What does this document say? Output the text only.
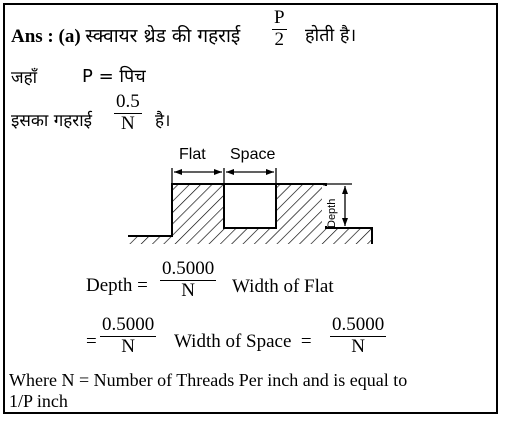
Ans : (a) स्क्वायर थ्रेड की गहराई
P
2 होती है।
जहाँ P = पिच
इसका गहराई
0.5
N है।
Depth
Flat Space
Depth =
0.5000
N Width of Flat
=
0.5000
N Width of Space  =
0.5000
N
Where N = Number of Threads Per inch and is equal to
1/P inch
